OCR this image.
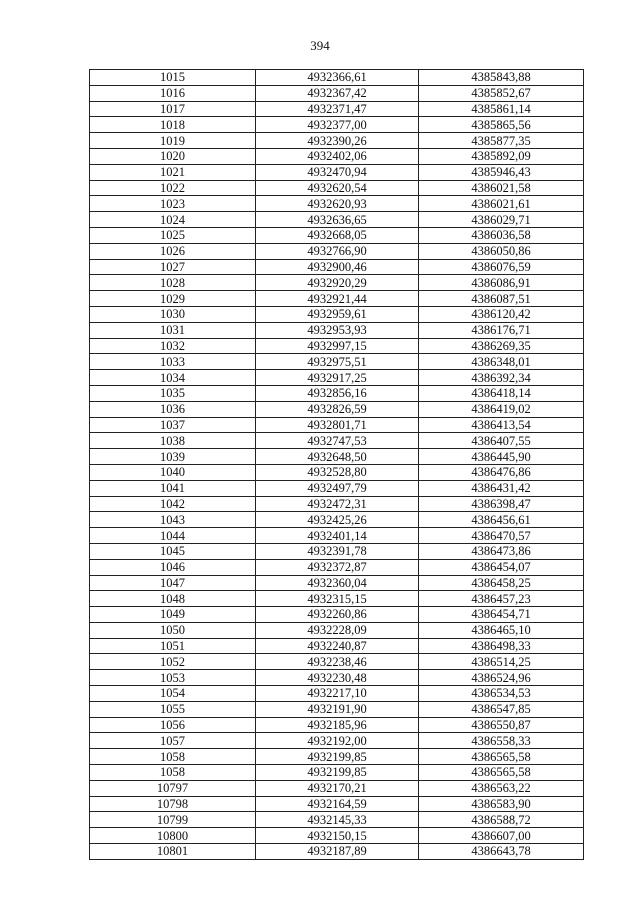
394
1015	4932366,61	4385843,88
1016	4932367,42	4385852,67
1017	4932371,47	4385861,14
1018	4932377,00	4385865,56
1019	4932390,26	4385877,35
1020	4932402,06	4385892,09
1021	4932470,94	4385946,43
1022	4932620,54	4386021,58
1023	4932620,93	4386021,61
1024	4932636,65	4386029,71
1025	4932668,05	4386036,58
1026	4932766,90	4386050,86
1027	4932900,46	4386076,59
1028	4932920,29	4386086,91
1029	4932921,44	4386087,51
1030	4932959,61	4386120,42
1031	4932953,93	4386176,71
1032	4932997,15	4386269,35
1033	4932975,51	4386348,01
1034	4932917,25	4386392,34
1035	4932856,16	4386418,14
1036	4932826,59	4386419,02
1037	4932801,71	4386413,54
1038	4932747,53	4386407,55
1039	4932648,50	4386445,90
1040	4932528,80	4386476,86
1041	4932497,79	4386431,42
1042	4932472,31	4386398,47
1043	4932425,26	4386456,61
1044	4932401,14	4386470,57
1045	4932391,78	4386473,86
1046	4932372,87	4386454,07
1047	4932360,04	4386458,25
1048	4932315,15	4386457,23
1049	4932260,86	4386454,71
1050	4932228,09	4386465,10
1051	4932240,87	4386498,33
1052	4932238,46	4386514,25
1053	4932230,48	4386524,96
1054	4932217,10	4386534,53
1055	4932191,90	4386547,85
1056	4932185,96	4386550,87
1057	4932192,00	4386558,33
1058	4932199,85	4386565,58
1058	4932199,85	4386565,58
10797	4932170,21	4386563,22
10798	4932164,59	4386583,90
10799	4932145,33	4386588,72
10800	4932150,15	4386607,00
10801	4932187,89	4386643,78
